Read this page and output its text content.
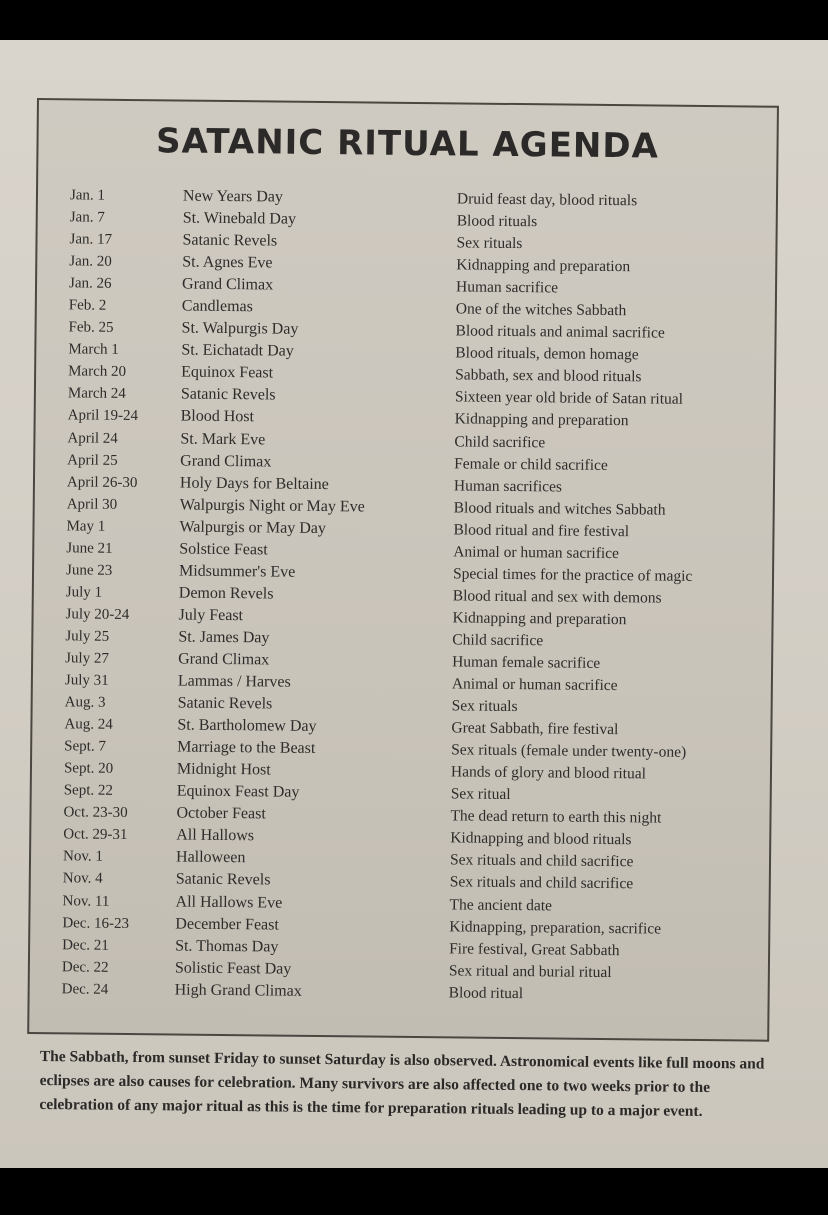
SATANIC RITUAL AGENDA
Jan. 1	New Years Day	Druid feast day, blood rituals
Jan. 7	St. Winebald Day	Blood rituals
Jan. 17	Satanic Revels	Sex rituals
Jan. 20	St. Agnes Eve	Kidnapping and preparation
Jan. 26	Grand Climax	Human sacrifice
Feb. 2	Candlemas	One of the witches Sabbath
Feb. 25	St. Walpurgis Day	Blood rituals and animal sacrifice
March 1	St. Eichatadt Day	Blood rituals, demon homage
March 20	Equinox Feast	Sabbath, sex and blood rituals
March 24	Satanic Revels	Sixteen year old bride of Satan ritual
April 19-24	Blood Host	Kidnapping and preparation
April 24	St. Mark Eve	Child sacrifice
April 25	Grand Climax	Female or child sacrifice
April 26-30	Holy Days for Beltaine	Human sacrifices
April 30	Walpurgis Night or May Eve	Blood rituals and witches Sabbath
May 1	Walpurgis or May Day	Blood ritual and fire festival
June 21	Solstice Feast	Animal or human sacrifice
June 23	Midsummer's Eve	Special times for the practice of magic
July 1	Demon Revels	Blood ritual and sex with demons
July 20-24	July Feast	Kidnapping and preparation
July 25	St. James Day	Child sacrifice
July 27	Grand Climax	Human female sacrifice
July 31	Lammas / Harves	Animal or human sacrifice
Aug. 3	Satanic Revels	Sex rituals
Aug. 24	St. Bartholomew Day	Great Sabbath, fire festival
Sept. 7	Marriage to the Beast	Sex rituals (female under twenty-one)
Sept. 20	Midnight Host	Hands of glory and blood ritual
Sept. 22	Equinox Feast Day	Sex ritual
Oct. 23-30	October Feast	The dead return to earth this night
Oct. 29-31	All Hallows	Kidnapping and blood rituals
Nov. 1	Halloween	Sex rituals and child sacrifice
Nov. 4	Satanic Revels	Sex rituals and child sacrifice
Nov. 11	All Hallows Eve	The ancient date
Dec. 16-23	December Feast	Kidnapping, preparation, sacrifice
Dec. 21	St. Thomas Day	Fire festival, Great Sabbath
Dec. 22	Solistic Feast Day	Sex ritual and burial ritual
Dec. 24	High Grand Climax	Blood ritual
The Sabbath, from sunset Friday to sunset Saturday is also observed. Astronomical events like full moons and eclipses are also causes for celebration. Many survivors are also affected one to two weeks prior to the celebration of any major ritual as this is the time for preparation rituals leading up to a major event.
